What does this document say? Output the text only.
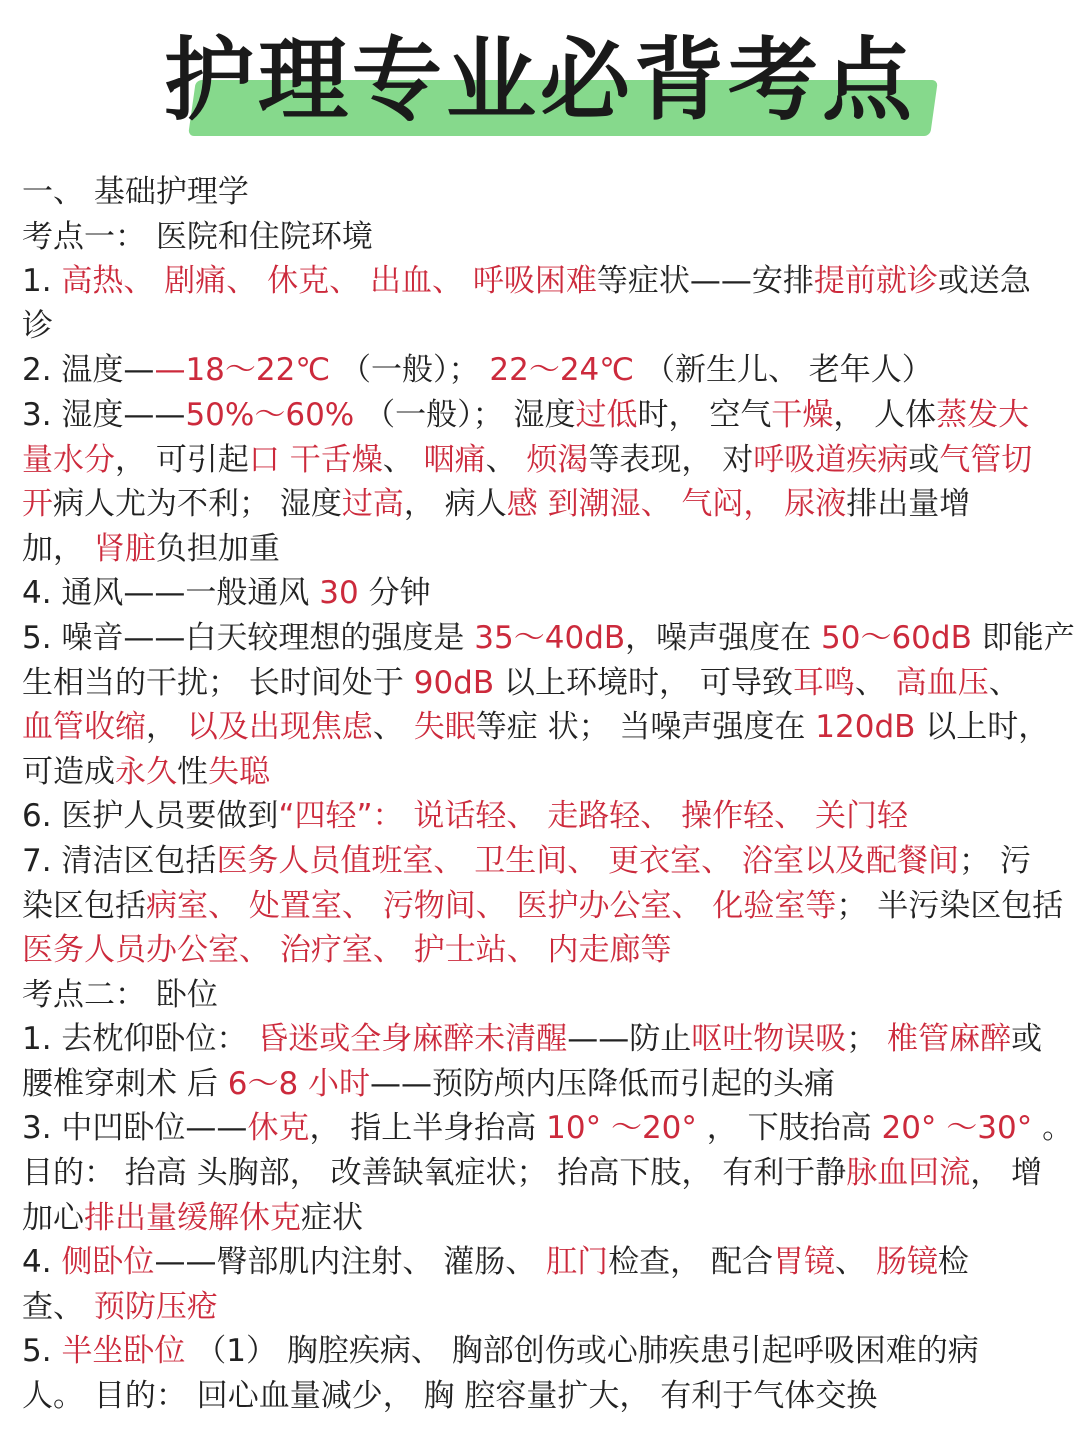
护理专业必背考点
一、 基础护理学
考点一： 医院和住院环境
1. 高热、 剧痛、 休克、 出血、 呼吸困难等症状——安排提前就诊或送急
诊
2. 温度——18～22℃ （一般）； 22～24℃ （新生儿、 老年人）
3. 湿度——50%～60% （一般）； 湿度过低时， 空气干燥， 人体蒸发大
量水分， 可引起口 干舌燥、 咽痛、 烦渴等表现， 对呼吸道疾病或气管切
开病人尤为不利； 湿度过高， 病人感 到潮湿、 气闷， 尿液排出量增
加， 肾脏负担加重
4. 通风——一般通风 30 分钟
5. 噪音——白天较理想的强度是 35～40dB，噪声强度在 50～60dB 即能产
生相当的干扰； 长时间处于 90dB 以上环境时， 可导致耳鸣、 高血压、
血管收缩， 以及出现焦虑、 失眠等症 状； 当噪声强度在 120dB 以上时，
可造成永久性失聪
6. 医护人员要做到“四轻”： 说话轻、 走路轻、 操作轻、 关门轻
7. 清洁区包括医务人员值班室、 卫生间、 更衣室、 浴室以及配餐间； 污
染区包括病室、 处置室、 污物间、 医护办公室、 化验室等； 半污染区包括
医务人员办公室、 治疗室、 护士站、 内走廊等
考点二： 卧位
1. 去枕仰卧位： 昏迷或全身麻醉未清醒——防止呕吐物误吸； 椎管麻醉或
腰椎穿刺术 后 6～8 小时——预防颅内压降低而引起的头痛
3. 中凹卧位——休克， 指上半身抬高 10° ～20° ， 下肢抬高 20° ～30° 。
目的： 抬高 头胸部， 改善缺氧症状； 抬高下肢， 有利于静脉血回流， 增
加心排出量缓解休克症状
4. 侧卧位——臀部肌内注射、 灌肠、 肛门检查， 配合胃镜、 肠镜检
查、 预防压疮
5. 半坐卧位 （1） 胸腔疾病、 胸部创伤或心肺疾患引起呼吸困难的病
人。 目的： 回心血量减少， 胸 腔容量扩大， 有利于气体交换
